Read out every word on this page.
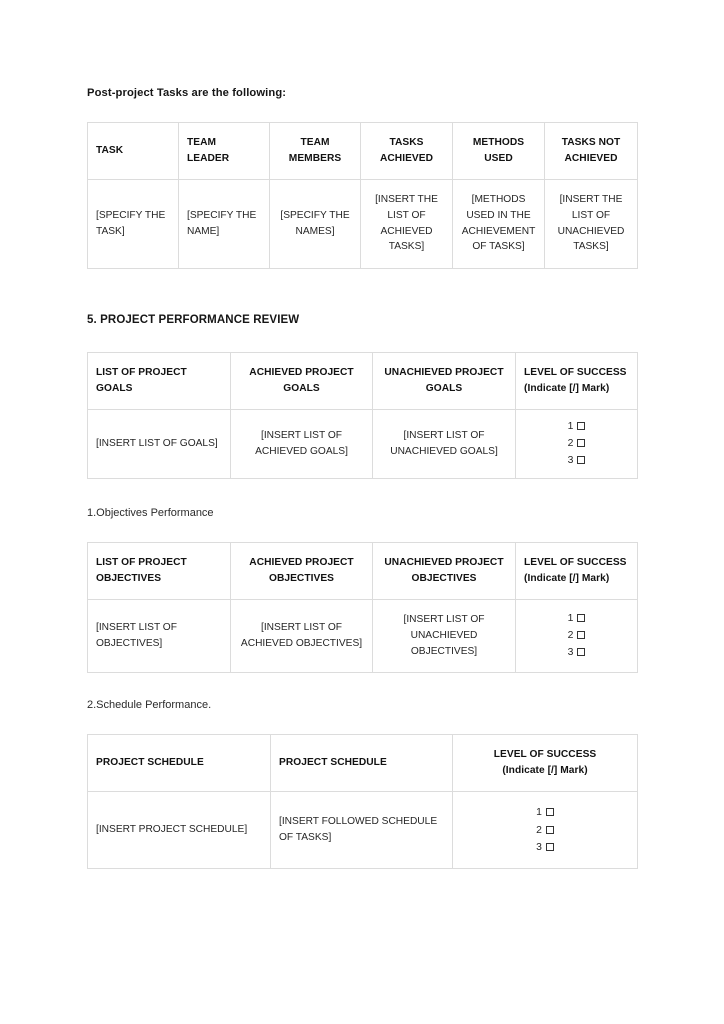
Post-project Tasks are the following:

TASK	TEAM LEADER	TEAM MEMBERS	TASKS ACHIEVED	METHODS USED	TASKS NOT ACHIEVED
[SPECIFY THE TASK]	[SPECIFY THE NAME]	[SPECIFY THE NAMES]	[INSERT THE LIST OF ACHIEVED TASKS]	[METHODS USED IN THE ACHIEVEMENT OF TASKS]	[INSERT THE LIST OF UNACHIEVED TASKS]

5. PROJECT PERFORMANCE REVIEW

LIST OF PROJECT GOALS	ACHIEVED PROJECT GOALS	UNACHIEVED PROJECT GOALS	LEVEL OF SUCCESS
(Indicate [/] Mark)
[INSERT LIST OF GOALS]	[INSERT LIST OF ACHIEVED GOALS]	[INSERT LIST OF UNACHIEVED GOALS]	1
2
3

1.Objectives Performance

LIST OF PROJECT OBJECTIVES	ACHIEVED PROJECT OBJECTIVES	UNACHIEVED PROJECT OBJECTIVES	LEVEL OF SUCCESS
(Indicate [/] Mark)
[INSERT LIST OF OBJECTIVES]	[INSERT LIST OF ACHIEVED OBJECTIVES]	[INSERT LIST OF UNACHIEVED OBJECTIVES]	1
2
3

2.Schedule Performance.

PROJECT SCHEDULE	PROJECT SCHEDULE	LEVEL OF SUCCESS
(Indicate [/] Mark)
[INSERT PROJECT SCHEDULE]	[INSERT FOLLOWED SCHEDULE OF TASKS]	1
2
3
